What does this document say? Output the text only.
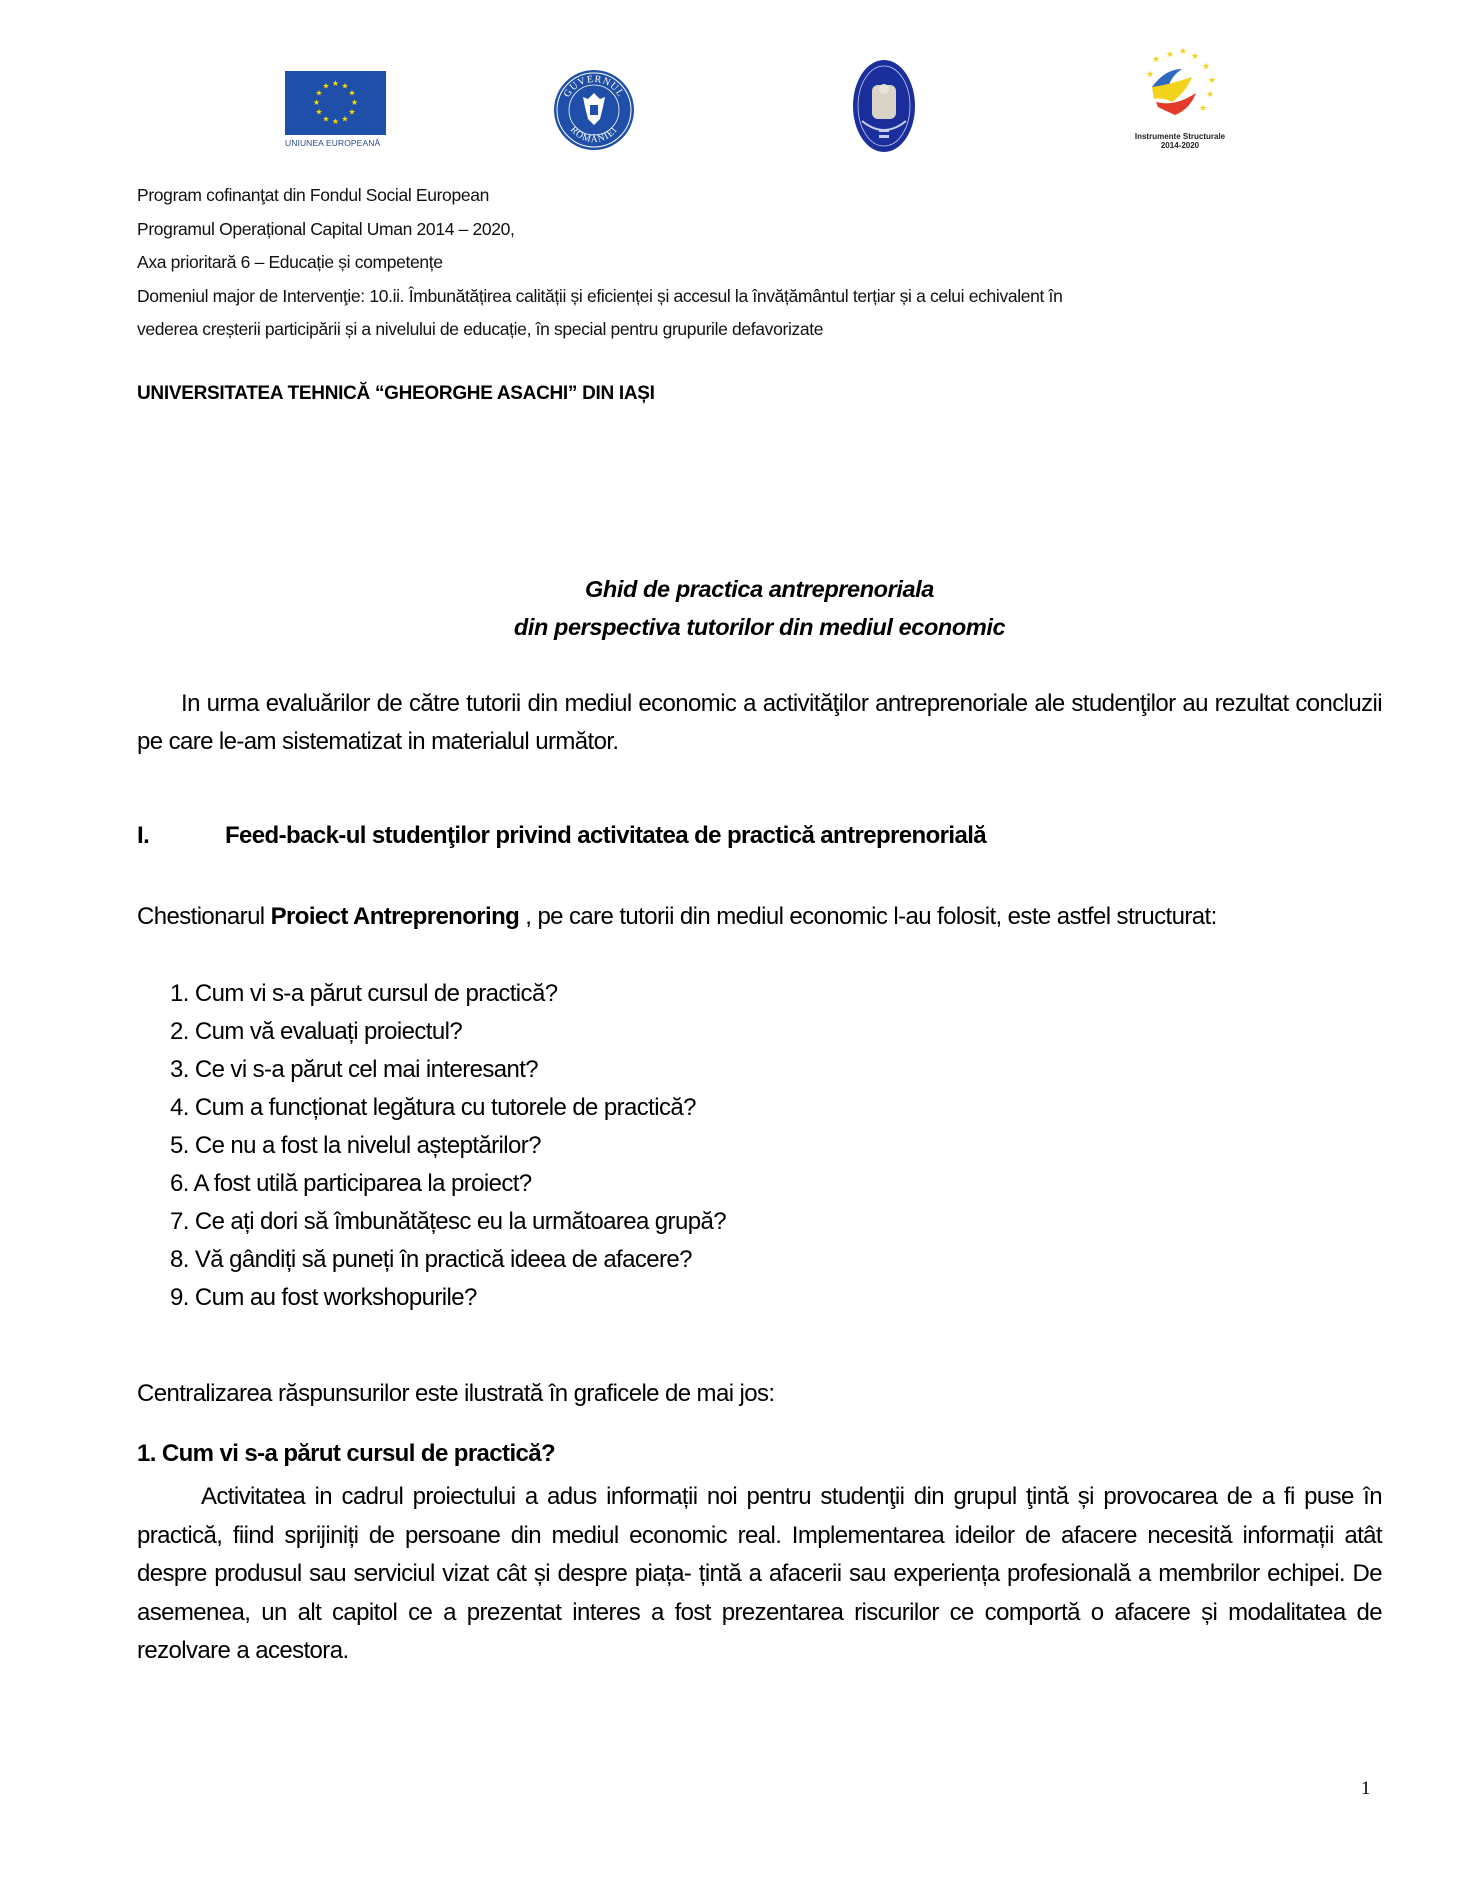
★ ★
★
★
★
★
★
★
★
★
★
★
UNIUNEA EUROPEANĂ
GUVERNUL
ROMÂNIEI
★ ★ ★
★
★
★
★
★
★
Instrumente Structurale
2014-2020
Program cofinanţat din Fondul Social European
Programul Operațional Capital Uman 2014 – 2020,
Axa prioritară 6 – Educație și competențe
Domeniul major de Intervenţie: 10.ii. Îmbunătățirea calității și eficienței și accesul la învățământul terțiar și a celui echivalent în
vederea creșterii participării și a nivelului de educație, în special pentru grupurile defavorizate
UNIVERSITATEA TEHNICĂ “GHEORGHE ASACHI” DIN IAȘI
Ghid de practica antreprenoriala
din perspectiva tutorilor din mediul economic
In urma evaluărilor de către tutorii din mediul economic a activităţilor antreprenoriale ale studenţilor au rezultat concluzii pe care le-am sistematizat in materialul următor.
I.	Feed-back-ul studenţilor privind activitatea de practică antreprenorială
Chestionarul Proiect Antreprenoring , pe care tutorii din mediul economic l-au folosit, este astfel structurat:
1. Cum vi s-a părut cursul de practică?
2. Cum vă evaluați proiectul?
3. Ce vi s-a părut cel mai interesant?
4. Cum a funcționat legătura cu tutorele de practică?
5. Ce nu a fost la nivelul așteptărilor?
6. A fost utilă participarea la proiect?
7. Ce ați dori să îmbunătățesc eu la următoarea grupă?
8. Vă gândiți să puneți în practică ideea de afacere?
9. Cum au fost workshopurile?
Centralizarea răspunsurilor este ilustrată în graficele de mai jos:
1. Cum vi s-a părut cursul de practică?
Activitatea in cadrul proiectului a adus informații noi pentru studenţii din grupul ţintă și provocarea de a fi puse în practică, fiind sprijiniți de persoane din mediul economic real. Implementarea ideilor de afacere necesită informații atât despre produsul sau serviciul vizat cât și despre piața- țintă a afacerii sau experiența profesională a membrilor echipei. De asemenea, un alt capitol ce a prezentat interes a fost prezentarea riscurilor ce comportă o afacere și modalitatea de rezolvare a acestora.
1
